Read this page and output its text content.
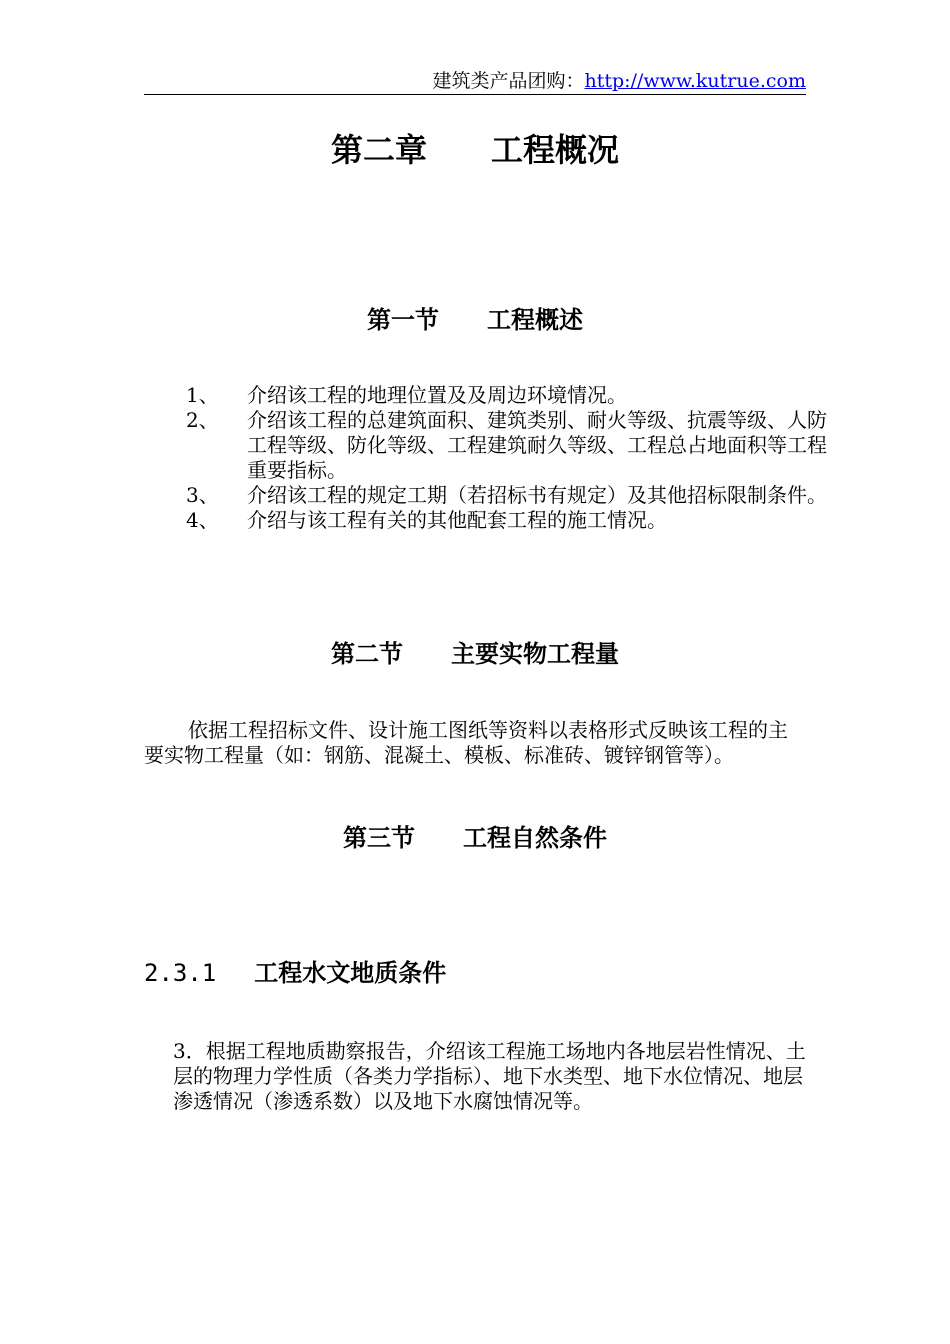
建筑类产品团购：http://www.kutrue.com
第二章　　工程概况
第一节　　工程概述
1、 介绍该工程的地理位置及及周边环境情况。
2、 介绍该工程的总建筑面积、建筑类别、耐火等级、抗震等级、人防工程等级、防化等级、工程建筑耐久等级、工程总占地面积等工程重要指标。
3、 介绍该工程的规定工期（若招标书有规定）及其他招标限制条件。
4、 介绍与该工程有关的其他配套工程的施工情况。
第二节　　主要实物工程量
依据工程招标文件、设计施工图纸等资料以表格形式反映该工程的主要实物工程量（如：钢筋、混凝土、模板、标准砖、镀锌钢管等）。
第三节　　工程自然条件
2.3.1 工程水文地质条件
3．根据工程地质勘察报告，介绍该工程施工场地内各地层岩性情况、土层的物理力学性质（各类力学指标）、地下水类型、地下水位情况、地层渗透情况（渗透系数）以及地下水腐蚀情况等。
